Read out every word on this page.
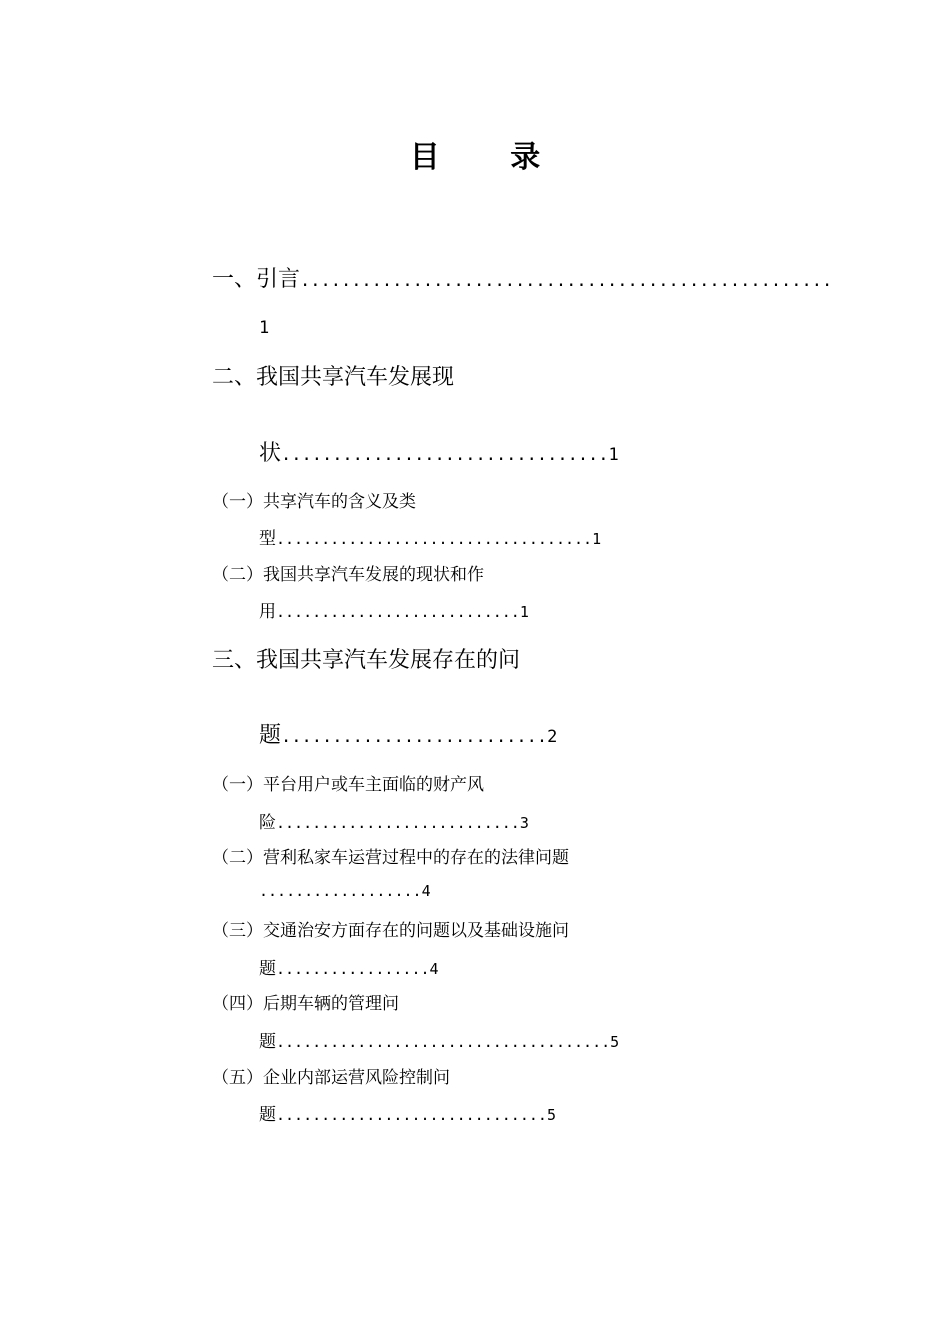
目 录
一、引言....................................................
1
二、我国共享汽车发展现
状................................1
（一）共享汽车的含义及类
型...................................1
（二）我国共享汽车发展的现状和作
用...........................1
三、我国共享汽车发展存在的问
题..........................2
（一）平台用户或车主面临的财产风
险...........................3
（二）营利私家车运营过程中的存在的法律问题
..................4
（三）交通治安方面存在的问题以及基础设施问
题.................4
（四）后期车辆的管理问
题.....................................5
（五）企业内部运营风险控制问
题..............................5
